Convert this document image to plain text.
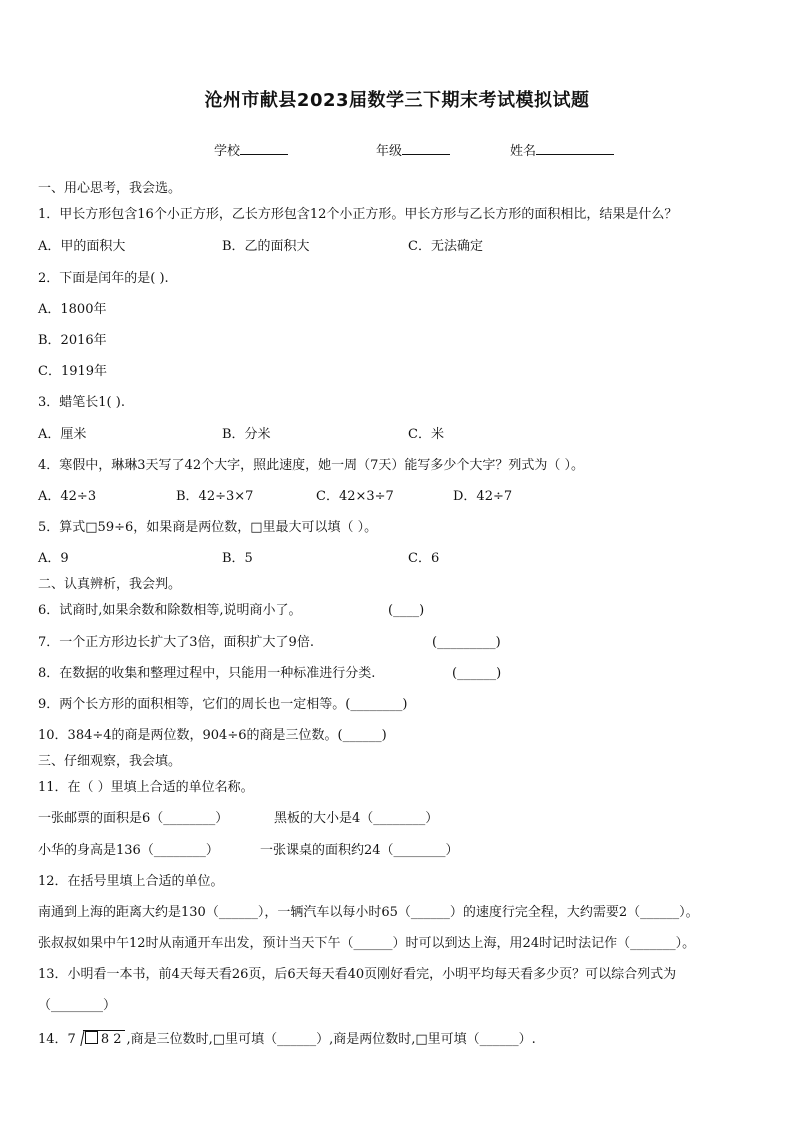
沧州市献县2023届数学三下期末考试模拟试题
学校	年级	姓名
一、用心思考，我会选。
1．甲长方形包含16个小正方形，乙长方形包含12个小正方形。甲长方形与乙长方形的面积相比，结果是什么？
A．甲的面积大	B．乙的面积大	C．无法确定
2．下面是闰年的是( ).
A．1800年
B．2016年
C．1919年
3．蜡笔长1( ).
A．厘米	B．分米	C．米
4．寒假中，琳琳3天写了42个大字，照此速度，她一周（7天）能写多少个大字？列式为（ ）。
A．42÷3	B．42÷3×7	C．42×3÷7	D．42÷7
5．算式□59÷6，如果商是两位数，□里最大可以填（ ）。
A．9	B．5	C．6
二、认真辨析，我会判。
6．试商时,如果余数和除数相等,说明商小了。	(____)
7．一个正方形边长扩大了3倍，面积扩大了9倍.	(_________)
8．在数据的收集和整理过程中，只能用一种标准进行分类.	(______)
9．两个长方形的面积相等，它们的周长也一定相等。(________)
10．384÷4的商是两位数，904÷6的商是三位数。(______)
三、仔细观察，我会填。
11．在（ ）里填上合适的单位名称。
一张邮票的面积是6（________）	黑板的大小是4（________）
小华的身高是136（________）	一张课桌的面积约24（________）
12．在括号里填上合适的单位。
南通到上海的距离大约是130（______），一辆汽车以每小时65（______）的速度行完全程，大约需要2（______）。
张叔叔如果中午12时从南通开车出发，预计当天下午（______）时可以到达上海，用24时记时法记作（_______）。
13．小明看一本书，前4天每天看26页，后6天每天看40页刚好看完，小明平均每天看多少页？可以综合列式为
（________）
14．7 8 2 ,商是三位数时,□里可填（______）,商是两位数时,□里可填（______）.
